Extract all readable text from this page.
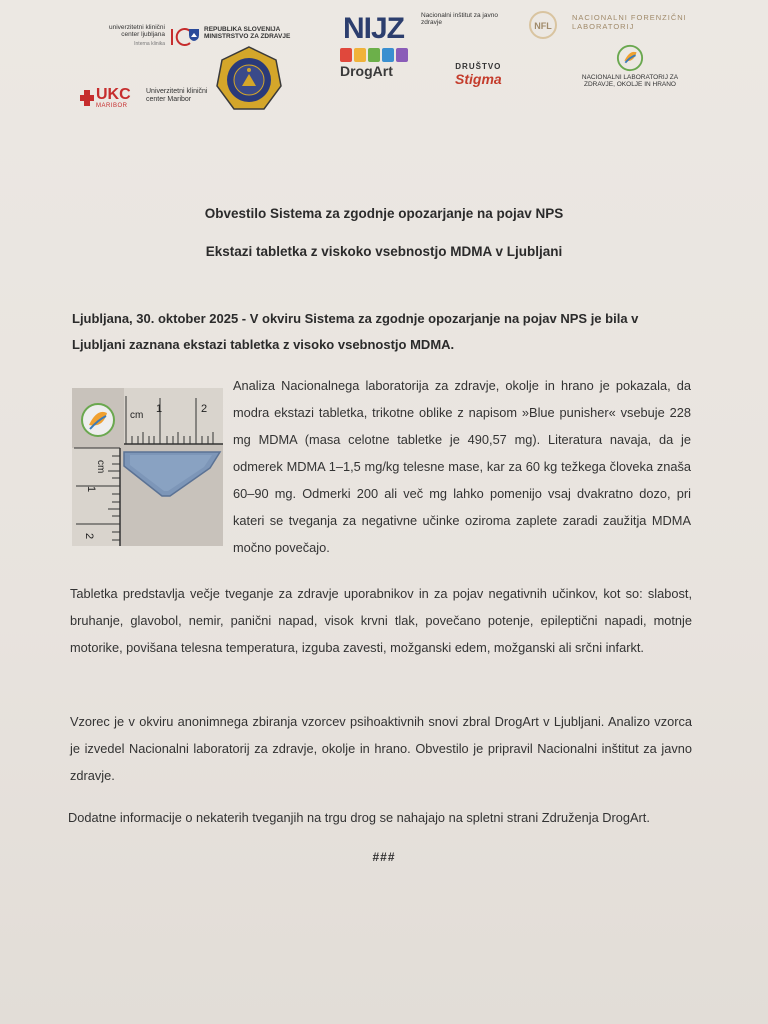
univerzitetni klinični center ljubljana
Interna klinika
REPUBLIKA SLOVENIJA MINISTRSTVO ZA ZDRAVJE NIJZ	Nacionalni inštitut za javno zdravje
DrogArt
NFL
NACIONALNI FORENZIČNI LABORATORIJ
DRUŠTVO
Stigma	NACIONALNI LABORATORIJ ZA ZDRAVJE, OKOLJE IN HRANO
UKC
MARIBOR
Univerzitetni klinični center Maribor
Obvestilo Sistema za zgodnje opozarjanje na pojav NPS
Ekstazi tabletka z viskoko vsebnostjo MDMA v Ljubljani
Ljubljana, 30. oktober 2025 - V okviru Sistema za zgodnje opozarjanje na pojav NPS je bila v Ljubljani zaznana ekstazi tabletka z visoko vsebnostjo MDMA.
cm
1	2
cm
1
2
Analiza Nacionalnega laboratorija za zdravje, okolje in hrano je pokazala, da modra ekstazi tabletka, trikotne oblike z napisom »Blue punisher« vsebuje 228 mg MDMA (masa celotne tabletke je 490,57 mg). Literatura navaja, da je odmerek MDMA 1–1,5 mg/kg telesne mase, kar za 60 kg težkega človeka znaša 60–90 mg. Odmerki 200 ali več mg lahko pomenijo vsaj dvakratno dozo, pri kateri se tveganja za negativne učinke oziroma zaplete zaradi zaužitja MDMA močno povečajo.
Tabletka predstavlja večje tveganje za zdravje uporabnikov in za pojav negativnih učinkov, kot so: slabost, bruhanje, glavobol, nemir, panični napad, visok krvni tlak, povečano potenje, epileptični napadi, motnje motorike, povišana telesna temperatura, izguba zavesti, možganski edem, možganski ali srčni infarkt.
Vzorec je v okviru anonimnega zbiranja vzorcev psihoaktivnih snovi zbral DrogArt v Ljubljani. Analizo vzorca je izvedel Nacionalni laboratorij za zdravje, okolje in hrano. Obvestilo je pripravil Nacionalni inštitut za javno zdravje.
Dodatne informacije o nekaterih tveganjih na trgu drog se nahajajo na spletni strani Združenja DrogArt.
###
